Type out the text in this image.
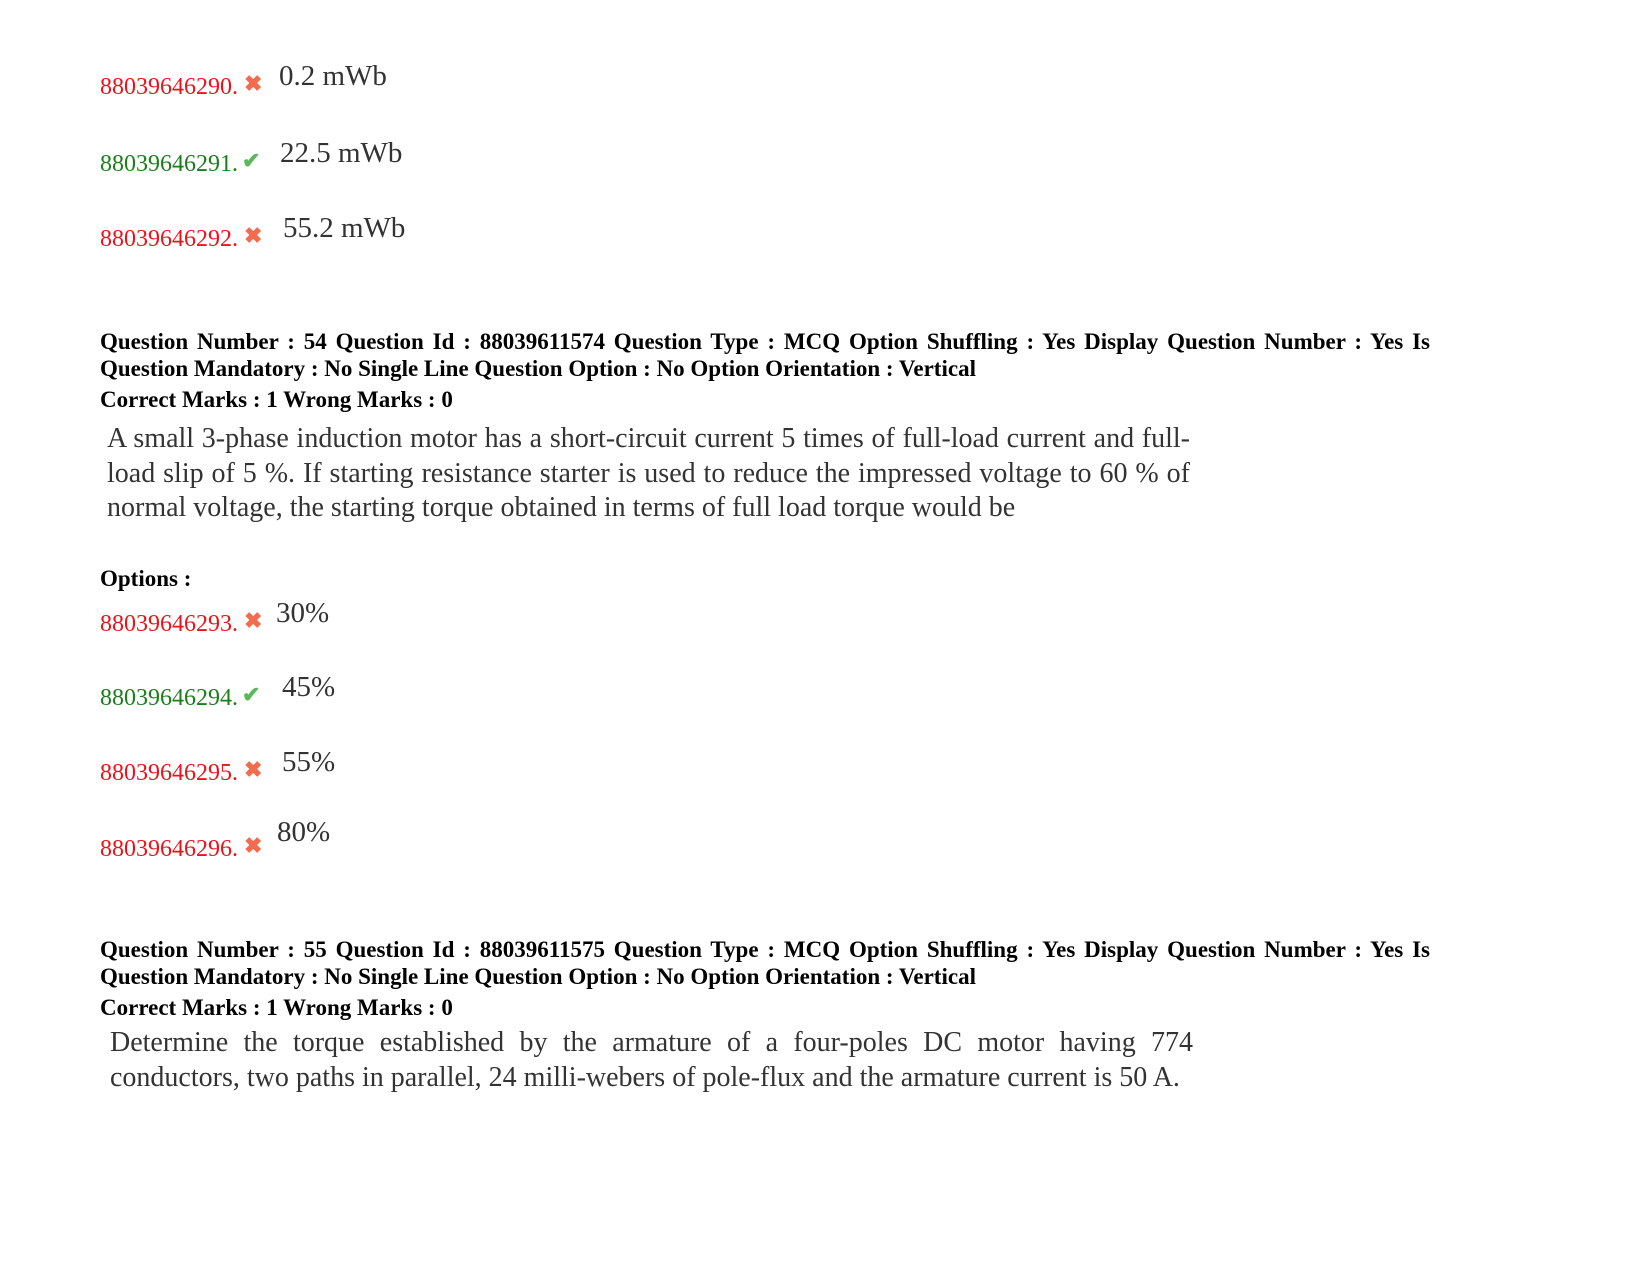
88039646290. ✖ 0.2 mWb
88039646291. ✔ 22.5 mWb
88039646292. ✖ 55.2 mWb
Question Number : 54 Question Id : 88039611574 Question Type : MCQ Option Shuffling : Yes Display Question Number : Yes Is Question Mandatory : No Single Line Question Option : No Option Orientation : Vertical
Correct Marks : 1 Wrong Marks : 0
A small 3-phase induction motor has a short-circuit current 5 times of full-load current and full-load slip of 5 %. If starting resistance starter is used to reduce the impressed voltage to 60 % of normal voltage, the starting torque obtained in terms of full load torque would be
Options :
88039646293. ✖ 30%
88039646294. ✔ 45%
88039646295. ✖ 55%
88039646296. ✖ 80%
Question Number : 55 Question Id : 88039611575 Question Type : MCQ Option Shuffling : Yes Display Question Number : Yes Is Question Mandatory : No Single Line Question Option : No Option Orientation : Vertical
Correct Marks : 1 Wrong Marks : 0
Determine the torque established by the armature of a four-poles DC motor having 774 conductors, two paths in parallel, 24 milli-webers of pole-flux and the armature current is 50 A.
